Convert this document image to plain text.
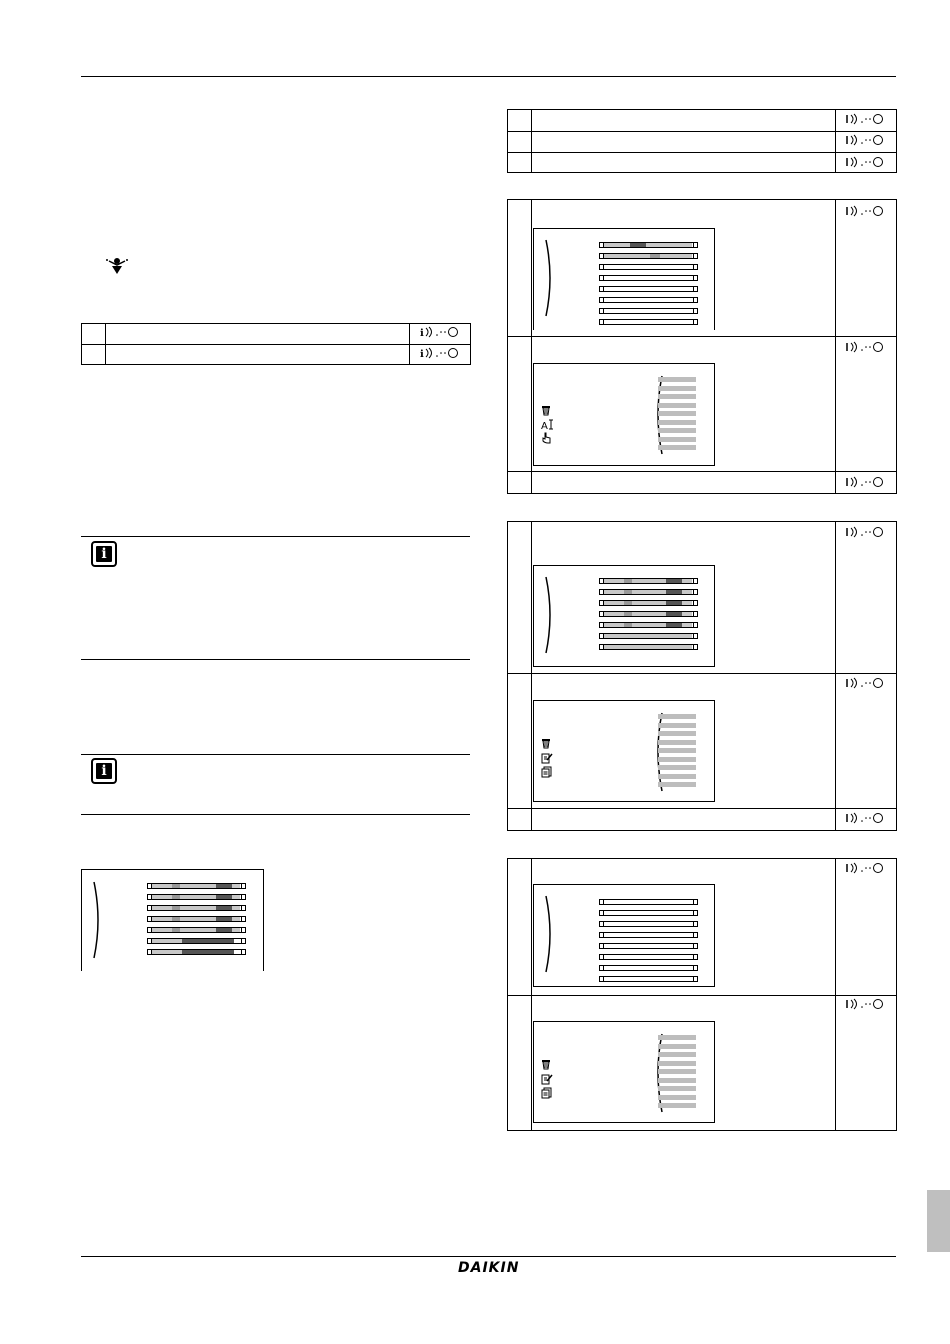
ℹ
ℹ
i
i
A
DAIKIN
